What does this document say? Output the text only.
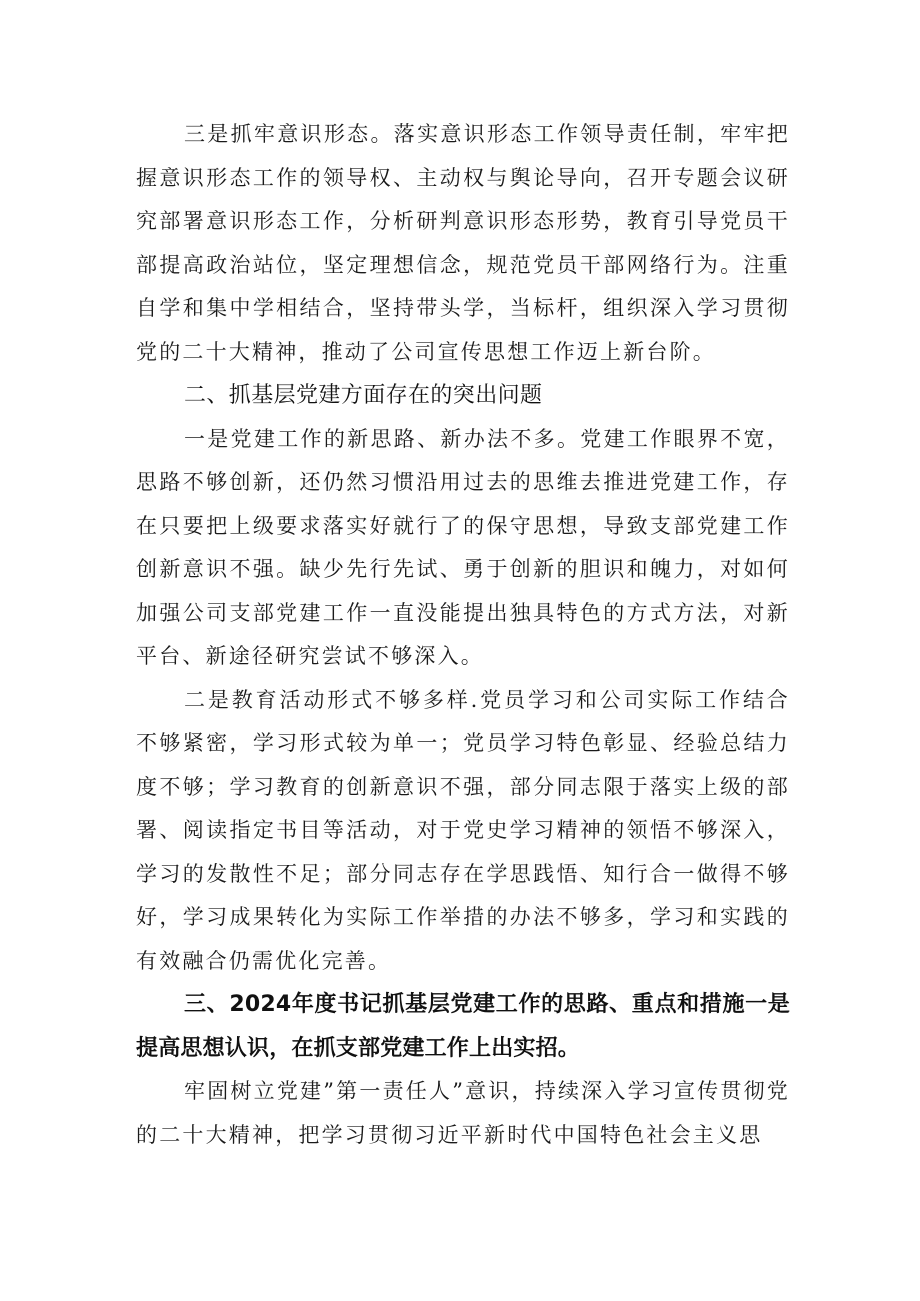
三是抓牢意识形态。落实意识形态工作领导责任制，牢牢把握意识形态工作的领导权、主动权与舆论导向，召开专题会议研究部署意识形态工作，分析研判意识形态形势，教育引导党员干部提高政治站位，坚定理想信念，规范党员干部网络行为。注重自学和集中学相结合，坚持带头学，当标杆，组织深入学习贯彻党的二十大精神，推动了公司宣传思想工作迈上新台阶。

二、抓基层党建方面存在的突出问题

一是党建工作的新思路、新办法不多。党建工作眼界不宽，思路不够创新，还仍然习惯沿用过去的思维去推进党建工作，存在只要把上级要求落实好就行了的保守思想，导致支部党建工作创新意识不强。缺少先行先试、勇于创新的胆识和魄力，对如何加强公司支部党建工作一直没能提出独具特色的方式方法，对新平台、新途径研究尝试不够深入。

二是教育活动形式不够多样.党员学习和公司实际工作结合不够紧密，学习形式较为单一；党员学习特色彰显、经验总结力度不够；学习教育的创新意识不强，部分同志限于落实上级的部署、阅读指定书目等活动，对于党史学习精神的领悟不够深入，学习的发散性不足；部分同志存在学思践悟、知行合一做得不够好，学习成果转化为实际工作举措的办法不够多，学习和实践的有效融合仍需优化完善。

三、2024年度书记抓基层党建工作的思路、重点和措施一是提高思想认识，在抓支部党建工作上出实招。

牢固树立党建”第一责任人”意识，持续深入学习宣传贯彻党的二十大精神，把学习贯彻习近平新时代中国特色社会主义思
